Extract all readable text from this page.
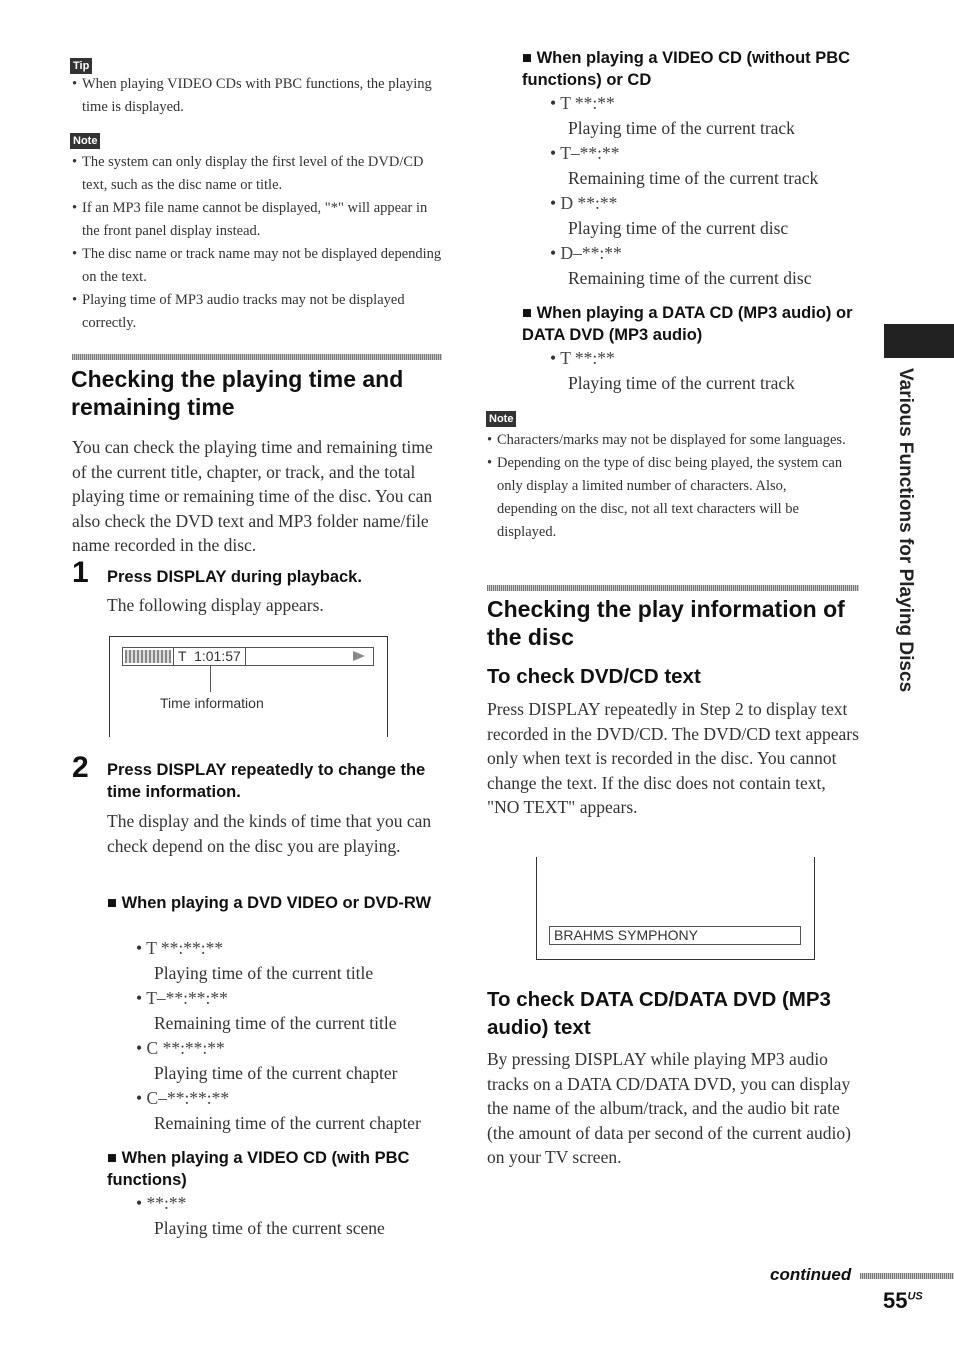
Tip
• When playing VIDEO CDs with PBC functions, the playing time is displayed.
Note
• The system can only display the first level of the DVD/CD text, such as the disc name or title.
• If an MP3 file name cannot be displayed, "*" will appear in the front panel display instead.
• The disc name or track name may not be displayed depending on the text.
• Playing time of MP3 audio tracks may not be displayed correctly.
Checking the playing time and remaining time
You can check the playing time and remaining time of the current title, chapter, or track, and the total playing time or remaining time of the disc. You can also check the DVD text and MP3 folder name/file name recorded in the disc.
1 Press DISPLAY during playback.
The following display appears.
T  1:01:57
Time information
2 Press DISPLAY repeatedly to change the time information.
The display and the kinds of time that you can check depend on the disc you are playing.
■ When playing a DVD VIDEO or DVD-RW
• T **:**:**
Playing time of the current title
• T–**:**:**
Remaining time of the current title
• C **:**:**
Playing time of the current chapter
• C–**:**:**
Remaining time of the current chapter
■ When playing a VIDEO CD (with PBC functions)
• **:**
Playing time of the current scene
■ When playing a VIDEO CD (without PBC functions) or CD
• T **:**
Playing time of the current track
• T–**:**
Remaining time of the current track
• D **:**
Playing time of the current disc
• D–**:**
Remaining time of the current disc
■ When playing a DATA CD (MP3 audio) or DATA DVD (MP3 audio)
• T **:**
Playing time of the current track
Note
• Characters/marks may not be displayed for some languages.
• Depending on the type of disc being played, the system can only display a limited number of characters. Also, depending on the disc, not all text characters will be displayed.
Checking the play information of the disc
To check DVD/CD text
Press DISPLAY repeatedly in Step 2 to display text recorded in the DVD/CD. The DVD/CD text appears only when text is recorded in the disc. You cannot change the text. If the disc does not contain text, "NO TEXT" appears.
BRAHMS SYMPHONY
To check DATA CD/DATA DVD (MP3 audio) text
By pressing DISPLAY while playing MP3 audio tracks on a DATA CD/DATA DVD, you can display the name of the album/track, and the audio bit rate (the amount of data per second of the current audio) on your TV screen.
Various Functions for Playing Discs
continued
$55^{US}$
